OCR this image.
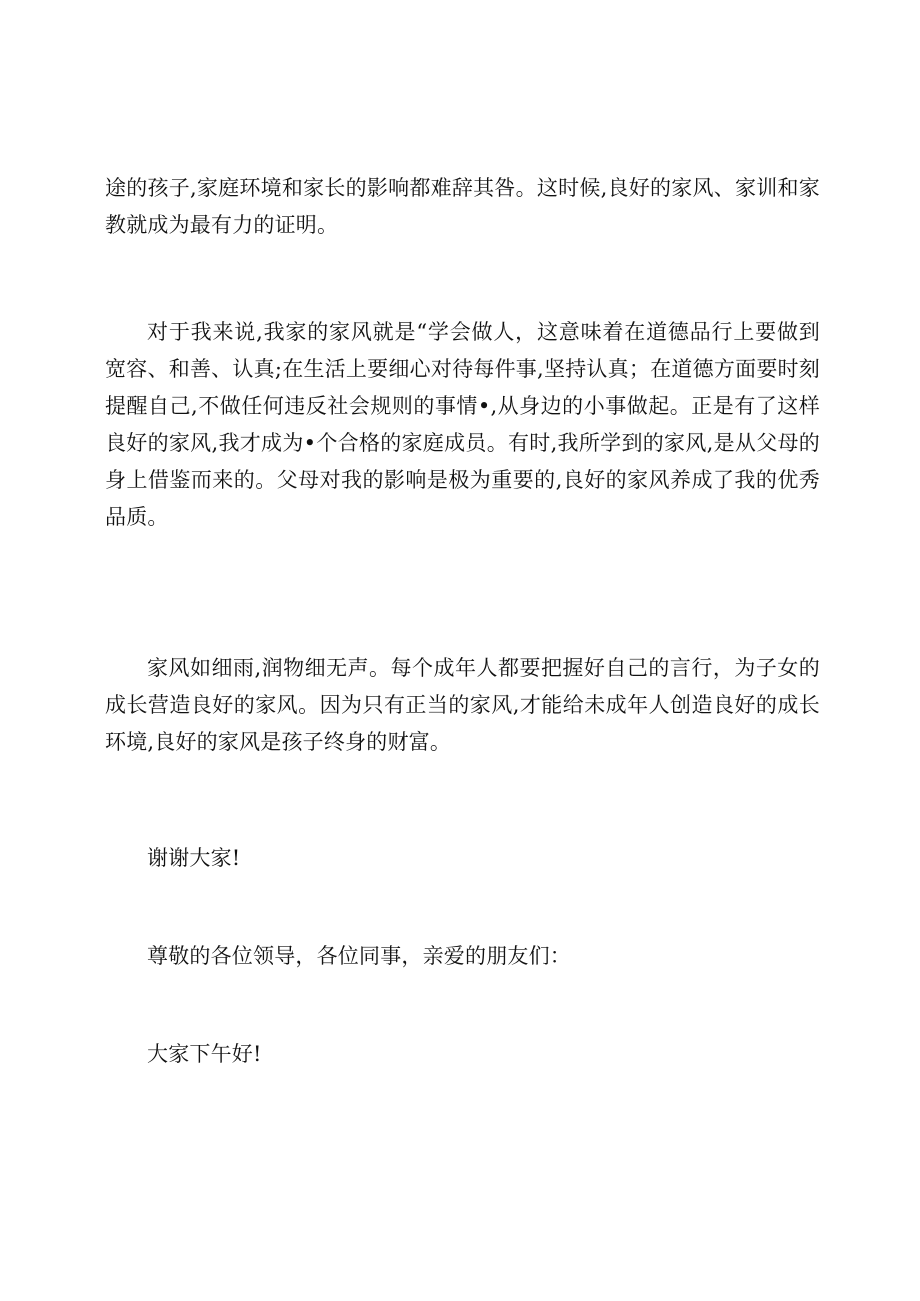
途的孩子,家庭环境和家长的影响都难辞其咎。这时候,良好的家风、家训和家教就成为最有力的证明。

对于我来说,我家的家风就是“学会做人，这意味着在道德品行上要做到宽容、和善、认真;在生活上要细心对待每件事,坚持认真；在道德方面要时刻提醒自己,不做任何违反社会规则的事情•,从身边的小事做起。正是有了这样良好的家风,我才成为•个合格的家庭成员。有时,我所学到的家风,是从父母的身上借鉴而来的。父母对我的影响是极为重要的,良好的家风养成了我的优秀品质。

家风如细雨,润物细无声。每个成年人都要把握好自己的言行，为子女的成长营造良好的家风。因为只有正当的家风,才能给未成年人创造良好的成长环境,良好的家风是孩子终身的财富。

谢谢大家!

尊敬的各位领导，各位同事，亲爱的朋友们：

大家下午好!
